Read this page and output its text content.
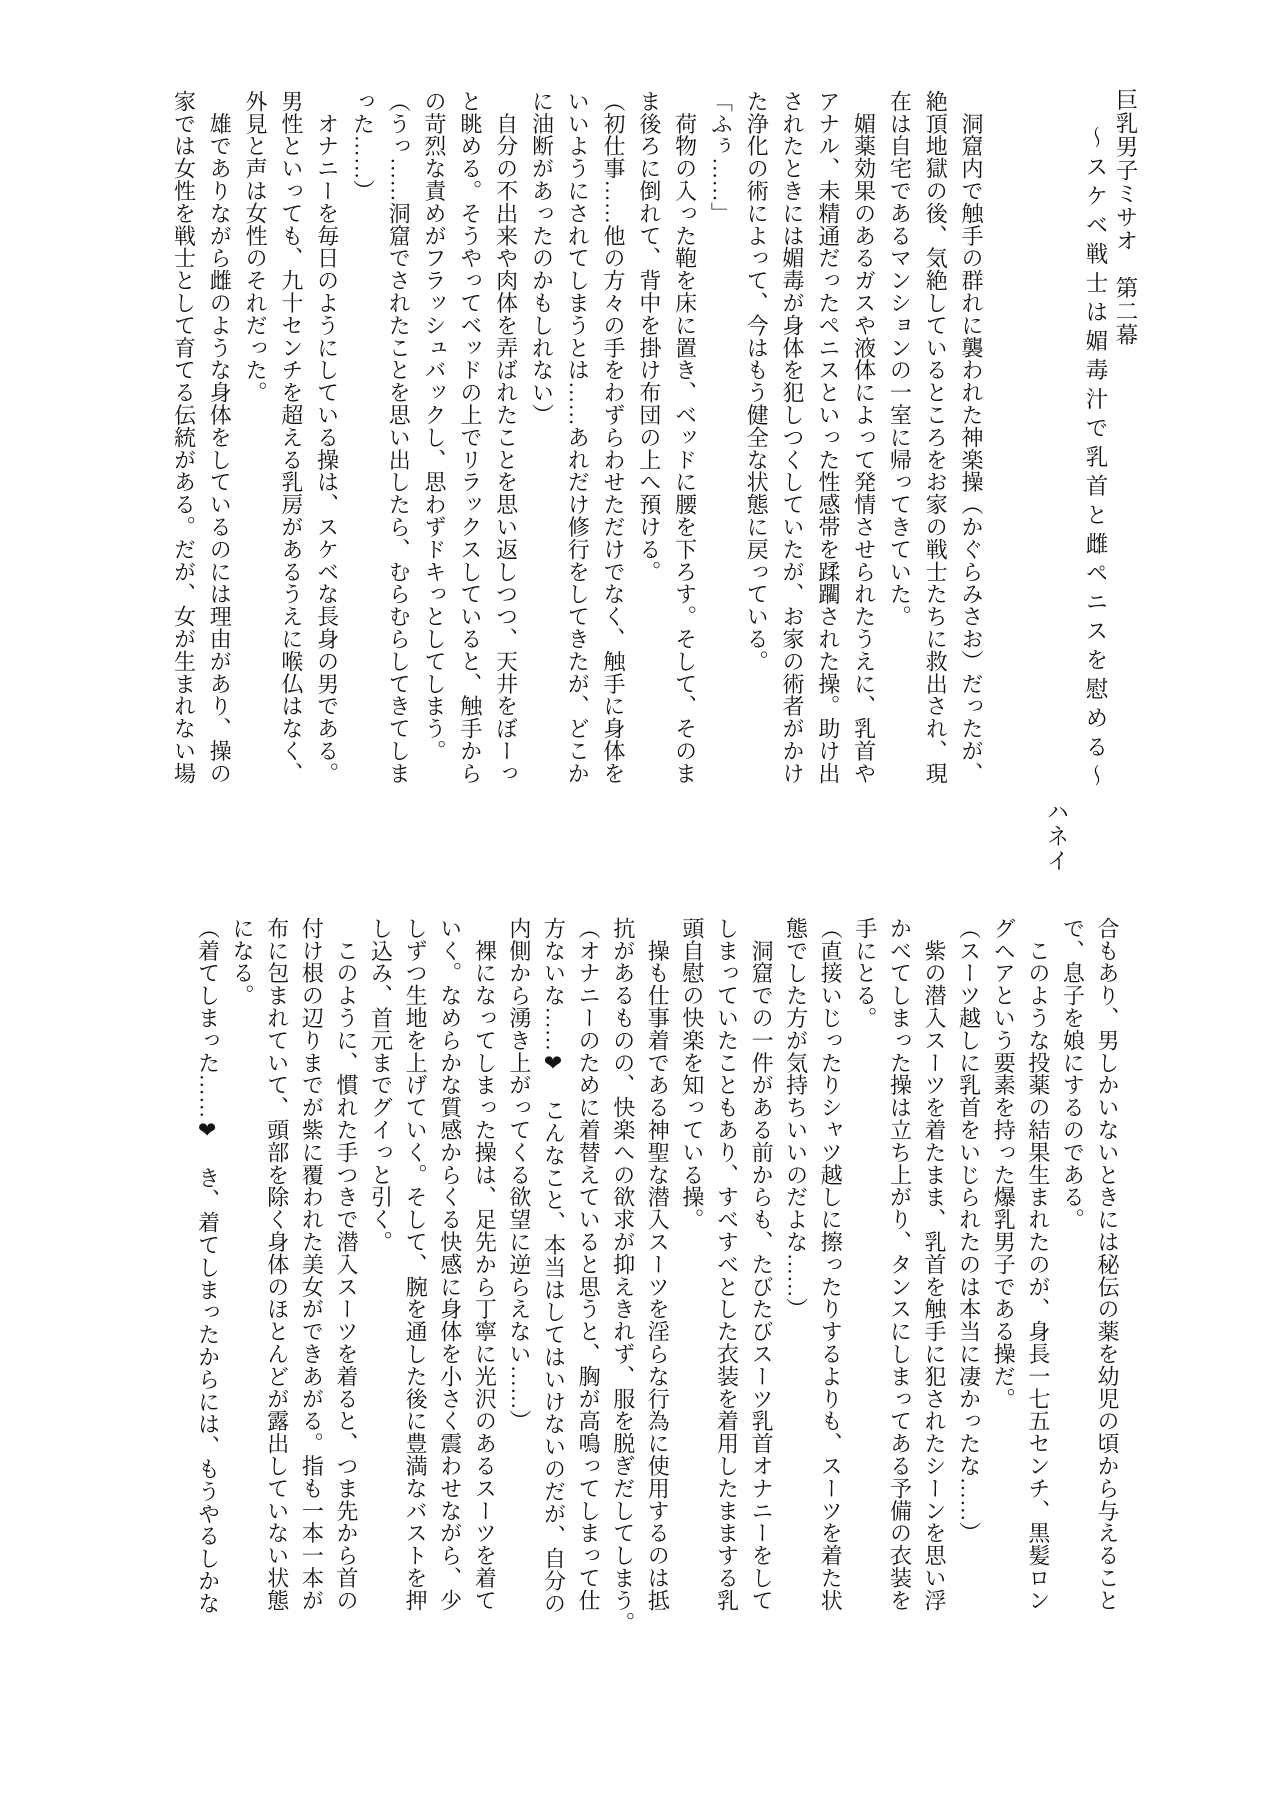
巨乳男子ミサオ　第二幕
～スケベ戦士は媚毒汁で乳首と雌ペニスを慰める～
ハネイ
　洞窟内で触手の群れに襲われた神楽操（かぐらみさお）だったが、
絶頂地獄の後、気絶しているところをお家の戦士たちに救出され、現
在は自宅であるマンションの一室に帰ってきていた。
　媚薬効果のあるガスや液体によって発情させられたうえに、乳首や
アナル、未精通だったペニスといった性感帯を蹂躙された操。助け出
されたときには媚毒が身体を犯しつくしていたが、お家の術者がかけ
た浄化の術によって、今はもう健全な状態に戻っている。
「ふぅ……」
　荷物の入った鞄を床に置き、ベッドに腰を下ろす。そして、そのま
ま後ろに倒れて、背中を掛け布団の上へ預ける。
（初仕事……他の方々の手をわずらわせただけでなく、触手に身体を
いいようにされてしまうとは……あれだけ修行をしてきたが、どこか
に油断があったのかもしれない）
　自分の不出来や肉体を弄ばれたことを思い返しつつ、天井をぼーっ
と眺める。そうやってベッドの上でリラックスしていると、触手から
の苛烈な責めがフラッシュバックし、思わずドキっとしてしまう。
（うっ……洞窟でされたことを思い出したら、むらむらしてきてしま
った……）
　オナニーを毎日のようにしている操は、スケベな長身の男である。
男性といっても、九十センチを超える乳房があるうえに喉仏はなく、
外見と声は女性のそれだった。
　雄でありながら雌のような身体をしているのには理由があり、操の
家では女性を戦士として育てる伝統がある。だが、女が生まれない場
合もあり、男しかいないときには秘伝の薬を幼児の頃から与えること
で、息子を娘にするのである。
　このような投薬の結果生まれたのが、身長一七五センチ、黒髪ロン
グヘアという要素を持った爆乳男子である操だ。
（スーツ越しに乳首をいじられたのは本当に凄かったな……）
　紫の潜入スーツを着たまま、乳首を触手に犯されたシーンを思い浮
かべてしまった操は立ち上がり、タンスにしまってある予備の衣装を
手にとる。
（直接いじったりシャツ越しに擦ったりするよりも、スーツを着た状
態でした方が気持ちいいのだよな……）
　洞窟での一件がある前からも、たびたびスーツ乳首オナニーをして
しまっていたこともあり、すべすべとした衣装を着用したままする乳
頭自慰の快楽を知っている操。
　操も仕事着である神聖な潜入スーツを淫らな行為に使用するのは抵
抗があるものの、快楽への欲求が抑えきれず、服を脱ぎだしてしまう。
（オナニーのために着替えていると思うと、胸が高鳴ってしまって仕
方ないな……❤　こんなこと、本当はしてはいけないのだが、自分の
内側から湧き上がってくる欲望に逆らえない……）
　裸になってしまった操は、足先から丁寧に光沢のあるスーツを着て
いく。なめらかな質感からくる快感に身体を小さく震わせながら、少
しずつ生地を上げていく。そして、腕を通した後に豊満なバストを押
し込み、首元までグイっと引く。
　このように、慣れた手つきで潜入スーツを着ると、つま先から首の
付け根の辺りまでが紫に覆われた美女ができあがる。指も一本一本が
布に包まれていて、頭部を除く身体のほとんどが露出していない状態
になる。
（着てしまった……❤　き、着てしまったからには、もうやるしかな
